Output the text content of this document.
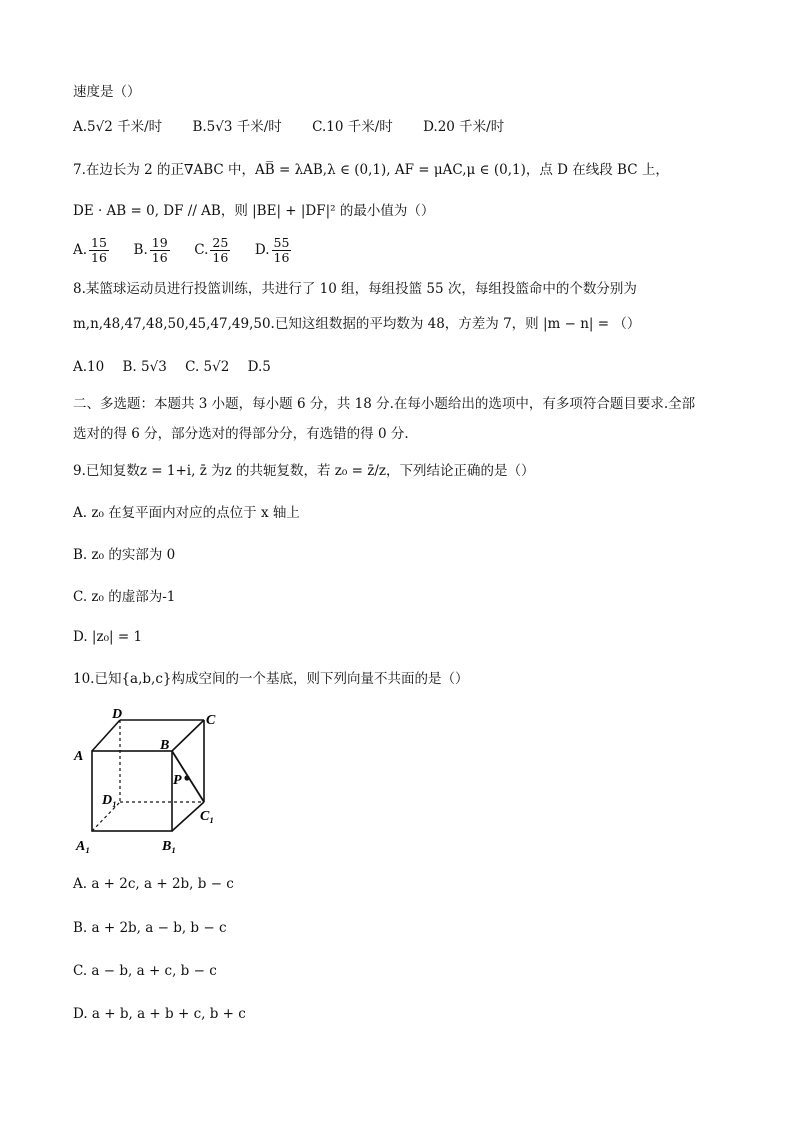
速度是（）
A.5√2 千米/时 B.5√3 千米/时 C.10 千米/时 D.20 千米/时
7.在边长为 2 的正∇ABC 中，AB̅ = λAB,λ ∈ (0,1), AF = μAC,μ ∈ (0,1)，点 D 在线段 BC 上，
DE · AB = 0, DF // AB，则 |BE| + |DF|² 的最小值为（）
A. $\frac{15}{16} B$. $\frac{19}{16} C$. $\frac{25}{16} D$. $\frac{55}{16}$
8.某篮球运动员进行投篮训练，共进行了 10 组，每组投篮 55 次，每组投篮命中的个数分别为
m,n,48,47,48,50,45,47,49,50.已知这组数据的平均数为 48，方差为 7，则 |m − n| = （）
A.10 B. 5√3 C. 5√2 D.5
二、多选题：本题共 3 小题，每小题 6 分，共 18 分.在每小题给出的选项中，有多项符合题目要求.全部
选对的得 6 分，部分选对的得部分分，有选错的得 0 分.
9.已知复数z = 1+i, z̄ 为z 的共轭复数，若 z₀ = z̄/z，下列结论正确的是（）
A. z₀ 在复平面内对应的点位于 x 轴上
B. z₀ 的实部为 0
C. z₀ 的虚部为-1
D. |z₀| = 1
10.已知{a,b,c}构成空间的一个基底，则下列向量不共面的是（）
D	C
A
B
P
D₁
C₁
A₁	B₁
A. a + 2c, a + 2b, b − c
B. a + 2b, a − b, b − c
C. a − b, a + c, b − c
D. a + b, a + b + c, b + c
